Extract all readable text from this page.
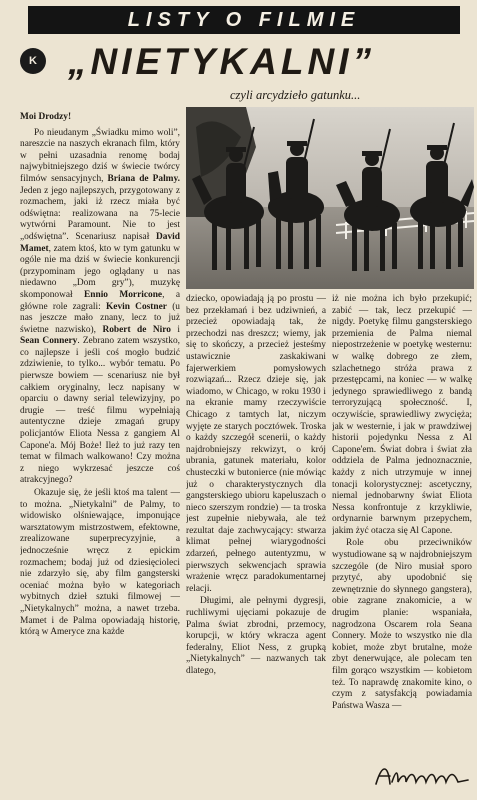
LISTY O FILMIE
K „NIETYKALNI”
czyli arcydzieło gatunku...

Moi Drodzy!

Po nieudanym „Świadku mimo woli”, nareszcie na naszych ekranach film, który w pełni uzasadnia renomę bodaj najwybitniejszego dziś w świecie twórcy filmów sensacyjnych, Briana de Palmy. Jeden z jego najlepszych, przygotowany z rozmachem, jaki iż rzecz miała być odświętna: realizowana na 75-lecie wytwórni Paramount. Nie to jest „odświętna”. Scenariusz napisał David Mamet, zatem ktoś, kto w tym gatunku w ogóle nie ma dziś w świecie konkurencji (przypominam jego oglądany u nas niedawno „Dom gry”), muzykę skomponował Ennio Morricone, a główne role zagrali: Kevin Costner (u nas jeszcze mało znany, lecz to już świetne nazwisko), Robert de Niro i Sean Connery. Zebrano zatem wszystko, co najlepsze i jeśli coś mogło budzić zdziwienie, to tylko... wybór tematu. Po pierwsze bowiem — scenariusz nie był całkiem oryginalny, lecz napisany w oparciu o dawny serial telewizyjny, po drugie — treść filmu wypełniają autentyczne dzieje zmagań grupy policjantów Eliota Nessa z gangiem Al Capone'a. Mój Boże! Ileż to już razy ten temat w filmach walkowano! Czy można z niego wykrzesać jeszcze coś atrakcyjnego?

Okazuje się, że jeśli ktoś ma talent — to można. „Nietykalni” de Palmy, to widowisko olśniewające, imponujące warsztatowym mistrzostwem, efektowne, zrealizowane superprecyzyjnie, a jednocześnie wręcz z epickim rozmachem; bodaj już od dziesięcioleci nie zdarzyło się, aby film gangsterski oceniać można było w kategoriach wybitnych dzieł sztuki filmowej — „Nietykalnych” można, a nawet trzeba. Mamet i de Palma opowiadają historię, którą w Ameryce zna każde

dziecko, opowiadają ją po prostu — bez przekłamań i bez udziwnień, a przecież opowiadają tak, że przechodzi nas dreszcz; wiemy, jak się to skończy, a przecież jesteśmy ustawicznie zaskakiwani fajerwerkiem pomysłowych rozwiązań... Rzecz dzieje się, jak wiadomo, w Chicago, w roku 1930 i na ekranie mamy rzeczywiście Chicago z tamtych lat, niczym wyjęte ze starych pocztówek. Troska o każdy szczegół scenerii, o każdy najdrobniejszy rekwizyt, o krój ubrania, gatunek materiału, kolor chusteczki w butonierce (nie mówiąc już o charakterystycznych dla gangsterskiego ubioru kapeluszach o nieco szerszym rondzie) — ta troska jest zupełnie niebywała, ale też rezultat daje zachwycający: stwarza klimat pełnej wiarygodności zdarzeń, pełnego autentyzmu, w pierwszych sekwencjach sprawia wrażenie wręcz paradokumentarnej relacji.

Długimi, ale pełnymi dygresji, ruchliwymi ujęciami pokazuje de Palma świat zbrodni, przemocy, korupcji, w który wkracza agent federalny, Eliot Ness, z grupką „Nietykalnych” — nazwanych tak dlatego,

iż nie można ich było przekupić; zabić — tak, lecz przekupić — nigdy. Poetykę filmu gangsterskiego przemienia de Palma niemal niepostrzeżenie w poetykę westernu: w walkę dobrego ze złem, szlachetnego stróża prawa z przestępcami, na koniec — w walkę jedynego sprawiedliwego z bandą terroryzującą społeczność. I, oczywiście, sprawiedliwy zwycięża; jak w westernie, i jak w prawdziwej historii pojedynku Nessa z Al Capone'em. Świat dobra i świat zła oddziela de Palma jednoznacznie, każdy z nich utrzymuje w innej tonacji kolorystycznej: ascetyczny, niemal jednobarwny świat Eliota Nessa konfrontuje z krzykliwie, ordynarnie barwnym przepychem, jakim żyć otacza się Al Capone.

Role obu przeciwników wystudiowane są w najdrobniejszym szczególe (de Niro musiał sporo przytyć, aby upodobnić się zewnętrznie do słynnego gangstera), obie zagrane znakomicie, a w drugim planie: wspaniała, nagrodzona Oscarem rola Seana Connery. Może to wszystko nie dla kobiet, może zbyt brutalne, może zbyt denerwujące, ale polecam ten film gorąco wszystkim — kobietom też. To naprawdę znakomite kino, o czym z satysfakcją powiadamia Państwa Wasza —
